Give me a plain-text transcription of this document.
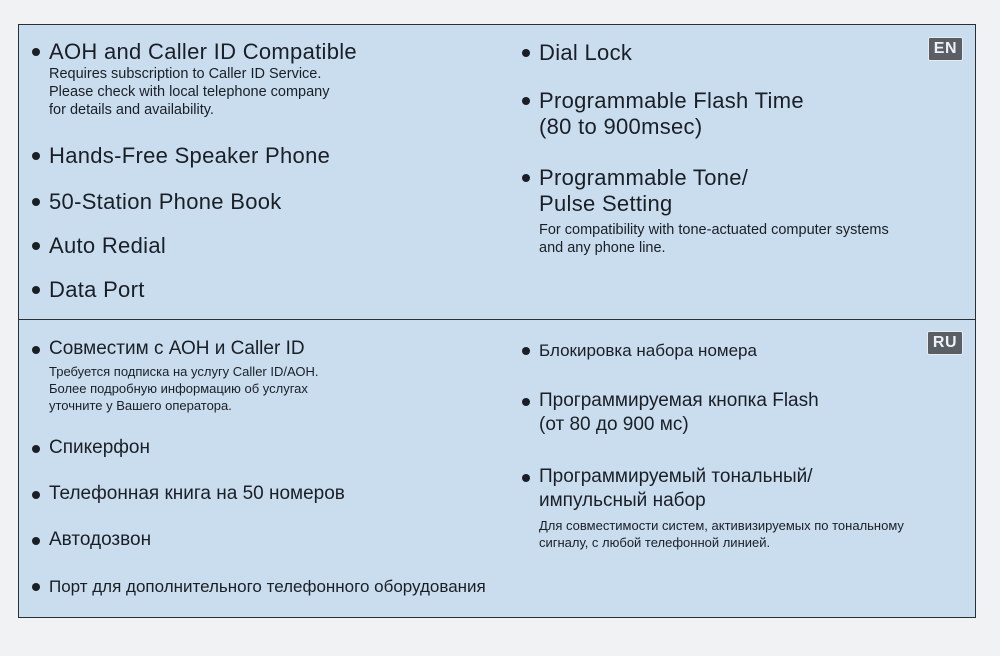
EN
AOH and Caller ID Compatible
Requires subscription to Caller ID Service.
Please check with local telephone company
for details and availability.
Hands-Free Speaker Phone
50-Station Phone Book
Auto Redial
Data Port
Dial Lock
Programmable Flash Time
(80 to 900msec)
Programmable Tone/
Pulse Setting
For compatibility with tone-actuated computer systems
and any phone line.
RU
Совместим с АОН и Caller ID
Требуется подписка на услугу Caller ID/АОН.
Более подробную информацию об услугах
уточните у Вашего оператора.
Спикерфон
Телефонная книга на 50 номеров
Автодозвон
Порт для дополнительного телефонного оборудования
Блокировка набора номера
Программируемая кнопка Flash
(от 80 до 900 мс)
Программируемый тональный/
импульсный набор
Для совместимости систем, активизируемых по тональному
сигналу, с любой телефонной линией.
